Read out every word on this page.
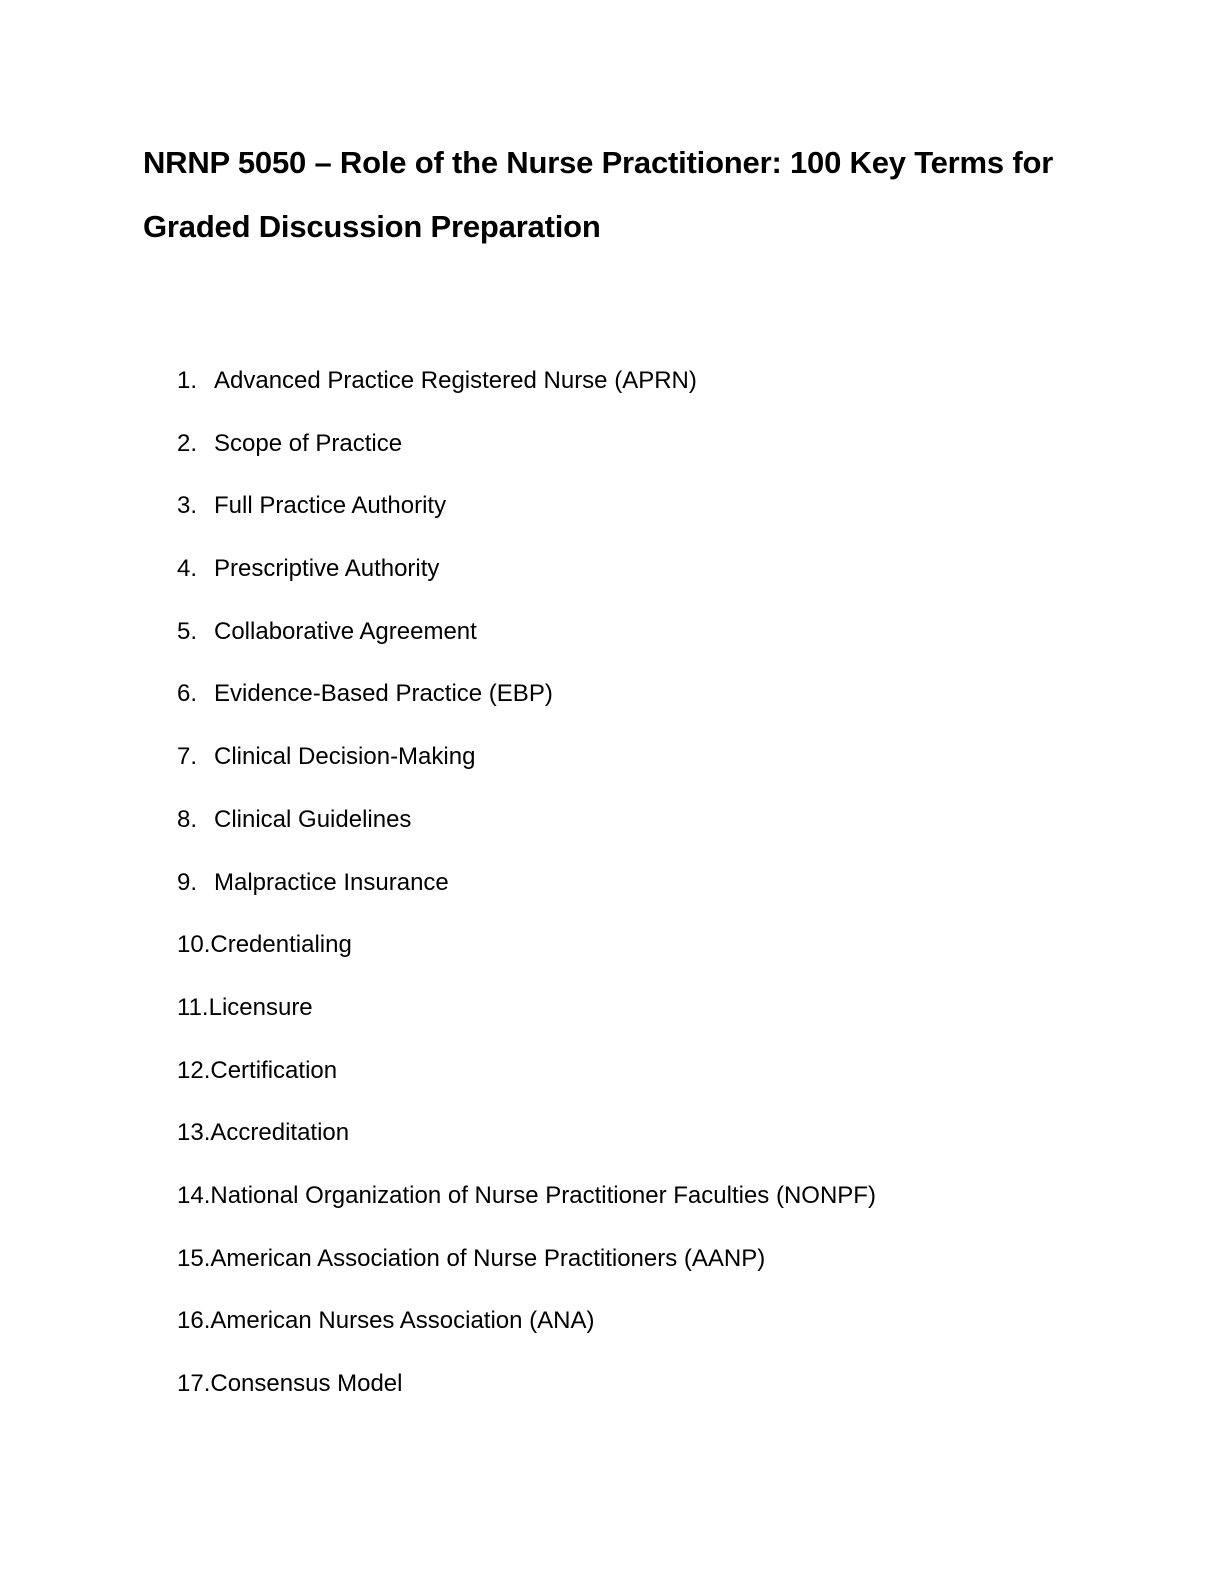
NRNP 5050 – Role of the Nurse Practitioner: 100 Key Terms for Graded Discussion Preparation
1. Advanced Practice Registered Nurse (APRN)
2. Scope of Practice
3. Full Practice Authority
4. Prescriptive Authority
5. Collaborative Agreement
6. Evidence-Based Practice (EBP)
7. Clinical Decision-Making
8. Clinical Guidelines
9. Malpractice Insurance
10.Credentialing
11.Licensure
12.Certification
13.Accreditation
14.National Organization of Nurse Practitioner Faculties (NONPF)
15.American Association of Nurse Practitioners (AANP)
16.American Nurses Association (ANA)
17.Consensus Model
